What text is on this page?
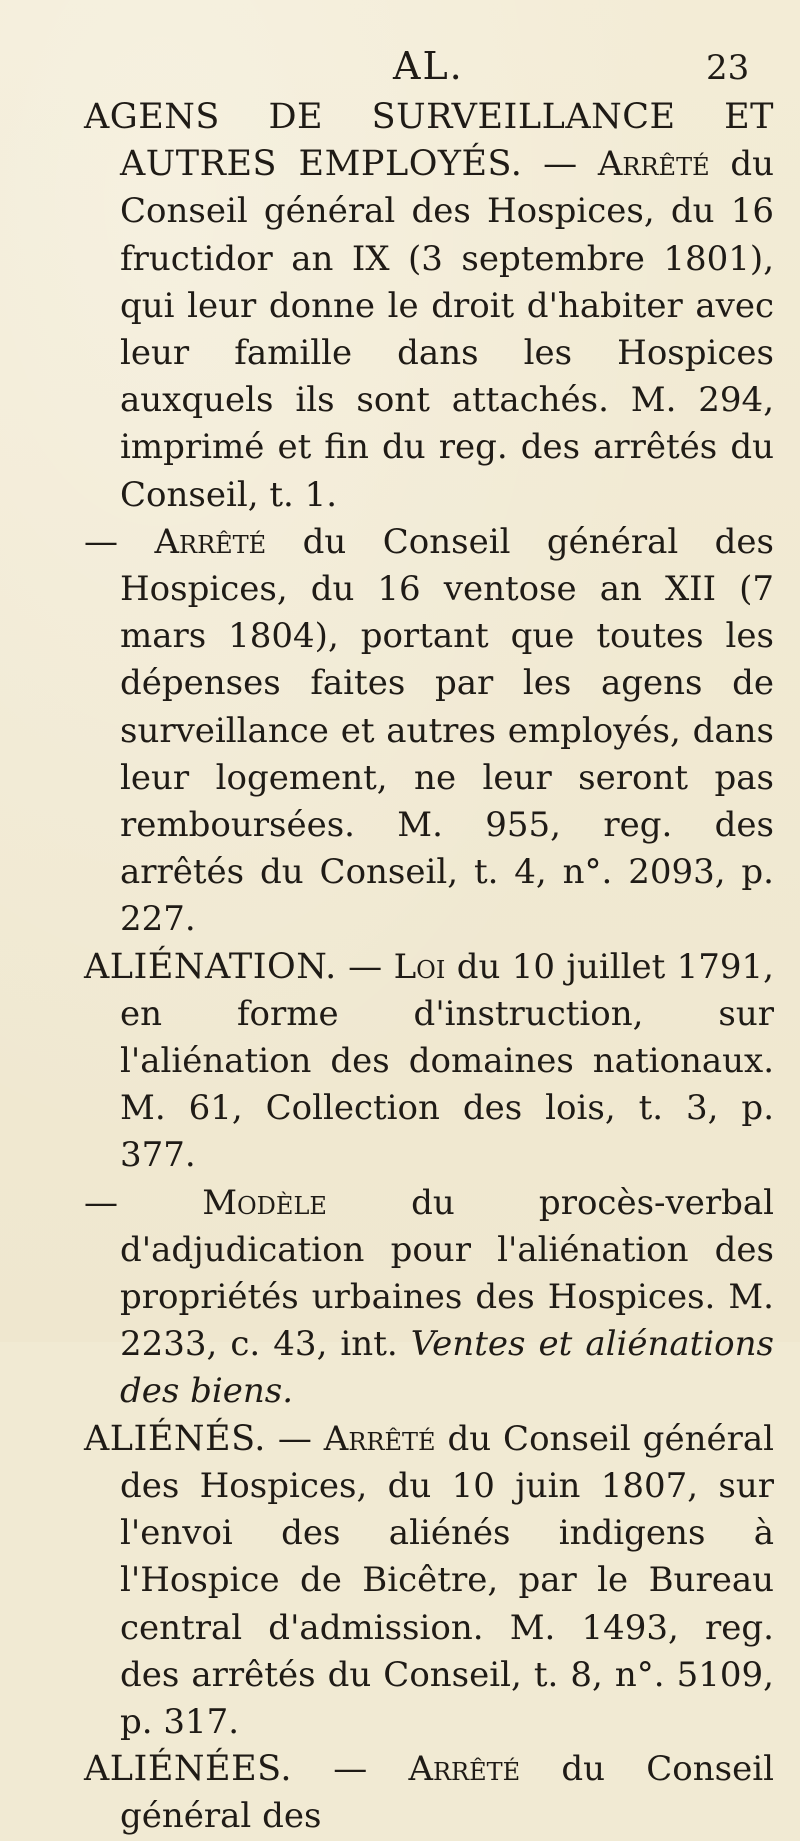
AL.	23

AGENS DE SURVEILLANCE ET AUTRES EMPLOYÉS. — Arrêté du Conseil général des Hospices, du 16 fructidor an IX (3 septembre 1801), qui leur donne le droit d'habiter avec leur famille dans les Hospices auxquels ils sont attachés. M. 294, imprimé et fin du reg. des arrêtés du Conseil, t. 1.

— Arrêté du Conseil général des Hospices, du 16 ventose an XII (7 mars 1804), portant que toutes les dépenses faites par les agens de surveillance et autres employés, dans leur logement, ne leur seront pas remboursées. M. 955, reg. des arrêtés du Conseil, t. 4, n°. 2093, p. 227.

ALIÉNATION. — Loi du 10 juillet 1791, en forme d'instruction, sur l'aliénation des domaines nationaux. M. 61, Collection des lois, t. 3, p. 377.

— Modèle du procès-verbal d'adjudication pour l'aliénation des propriétés urbaines des Hospices. M. 2233, c. 43, int. Ventes et aliénations des biens.

ALIÉNÉS. — Arrêté du Conseil général des Hospices, du 10 juin 1807, sur l'envoi des aliénés indigens à l'Hospice de Bicêtre, par le Bureau central d'admission. M. 1493, reg. des arrêtés du Conseil, t. 8, n°. 5109, p. 317.

ALIÉNÉES. — Arrêté du Conseil général des
